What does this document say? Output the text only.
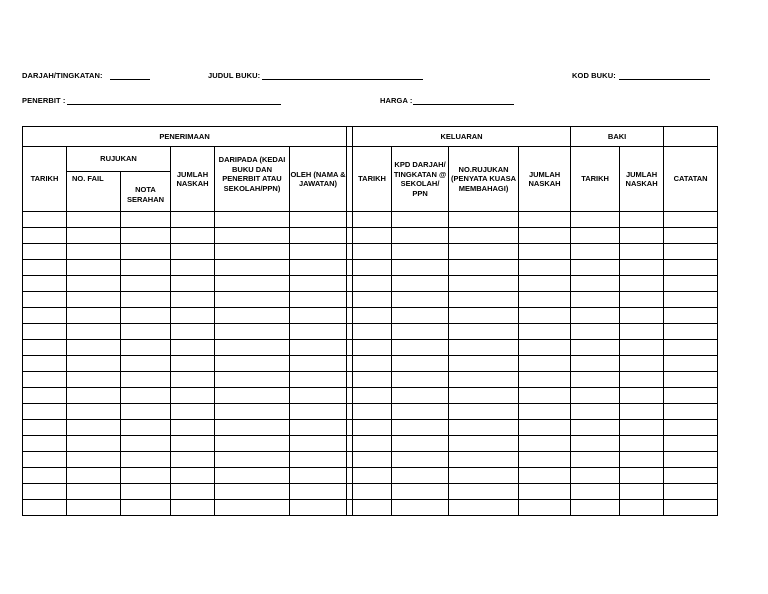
DARJAH/TINGKATAN:	JUDUL BUKU:	KOD BUKU:
PENERBIT :	HARGA :
PENERIMAAN							KELUARAN				BAKI		
TARIKH	RUJUKAN		JUMLAH NASKAH	DARIPADA (KEDAI BUKU DAN PENERBIT ATAU SEKOLAH/PPN)	OLEH (NAMA & JAWATAN)		TARIKH	KPD DARJAH/ TINGKATAN @ SEKOLAH/ PPN	NO.RUJUKAN (PENYATA KUASA MEMBAHAGI)	JUMLAH NASKAH	TARIKH	JUMLAH NASKAH	CATATAN
	NO. FAIL	NOTA SERAHAN											
